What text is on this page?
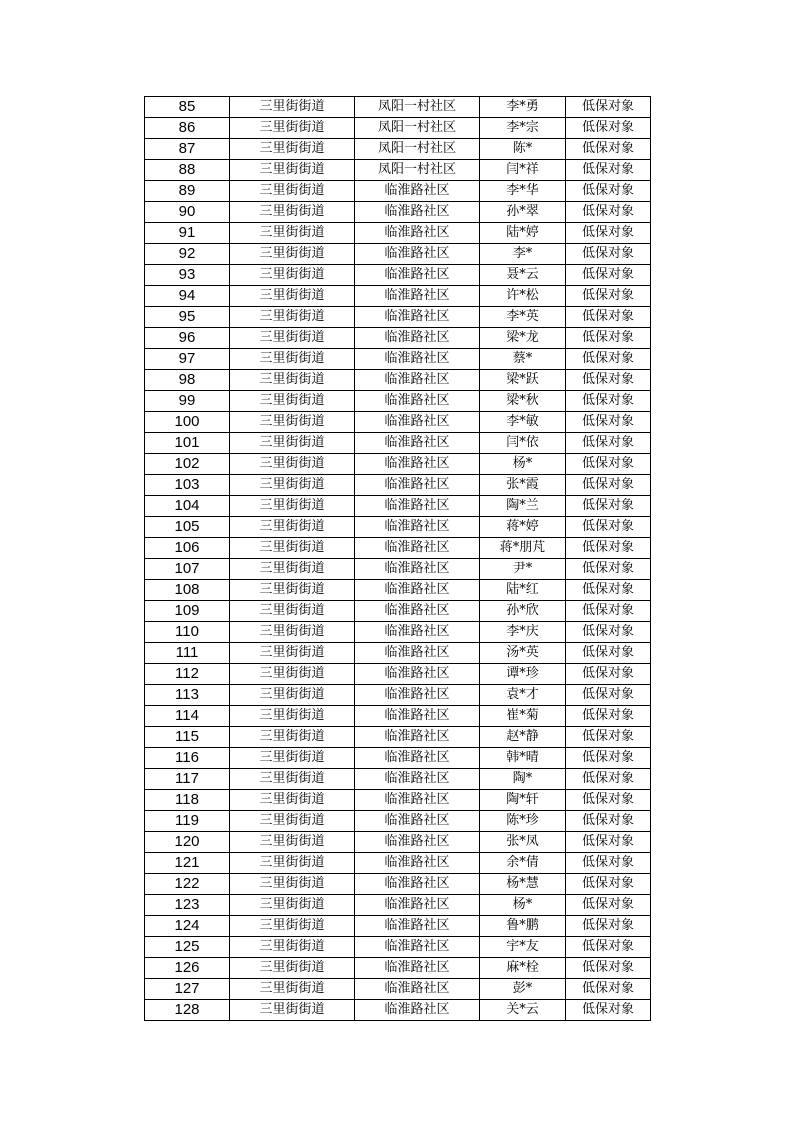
85	三里街街道	凤阳一村社区	李*勇	低保对象
86	三里街街道	凤阳一村社区	李*宗	低保对象
87	三里街街道	凤阳一村社区	陈*	低保对象
88	三里街街道	凤阳一村社区	闫*祥	低保对象
89	三里街街道	临淮路社区	李*华	低保对象
90	三里街街道	临淮路社区	孙*翠	低保对象
91	三里街街道	临淮路社区	陆*婷	低保对象
92	三里街街道	临淮路社区	李*	低保对象
93	三里街街道	临淮路社区	聂*云	低保对象
94	三里街街道	临淮路社区	许*松	低保对象
95	三里街街道	临淮路社区	李*英	低保对象
96	三里街街道	临淮路社区	梁*龙	低保对象
97	三里街街道	临淮路社区	蔡*	低保对象
98	三里街街道	临淮路社区	梁*跃	低保对象
99	三里街街道	临淮路社区	梁*秋	低保对象
100	三里街街道	临淮路社区	李*敏	低保对象
101	三里街街道	临淮路社区	闫*依	低保对象
102	三里街街道	临淮路社区	杨*	低保对象
103	三里街街道	临淮路社区	张*霞	低保对象
104	三里街街道	临淮路社区	陶*兰	低保对象
105	三里街街道	临淮路社区	蒋*婷	低保对象
106	三里街街道	临淮路社区	蒋*朋芃	低保对象
107	三里街街道	临淮路社区	尹*	低保对象
108	三里街街道	临淮路社区	陆*红	低保对象
109	三里街街道	临淮路社区	孙*欣	低保对象
110	三里街街道	临淮路社区	李*庆	低保对象
111	三里街街道	临淮路社区	汤*英	低保对象
112	三里街街道	临淮路社区	谭*珍	低保对象
113	三里街街道	临淮路社区	袁*才	低保对象
114	三里街街道	临淮路社区	崔*菊	低保对象
115	三里街街道	临淮路社区	赵*静	低保对象
116	三里街街道	临淮路社区	韩*晴	低保对象
117	三里街街道	临淮路社区	陶*	低保对象
118	三里街街道	临淮路社区	陶*轩	低保对象
119	三里街街道	临淮路社区	陈*珍	低保对象
120	三里街街道	临淮路社区	张*凤	低保对象
121	三里街街道	临淮路社区	余*倩	低保对象
122	三里街街道	临淮路社区	杨*慧	低保对象
123	三里街街道	临淮路社区	杨*	低保对象
124	三里街街道	临淮路社区	鲁*鹏	低保对象
125	三里街街道	临淮路社区	宇*友	低保对象
126	三里街街道	临淮路社区	麻*栓	低保对象
127	三里街街道	临淮路社区	彭*	低保对象
128	三里街街道	临淮路社区	关*云	低保对象
